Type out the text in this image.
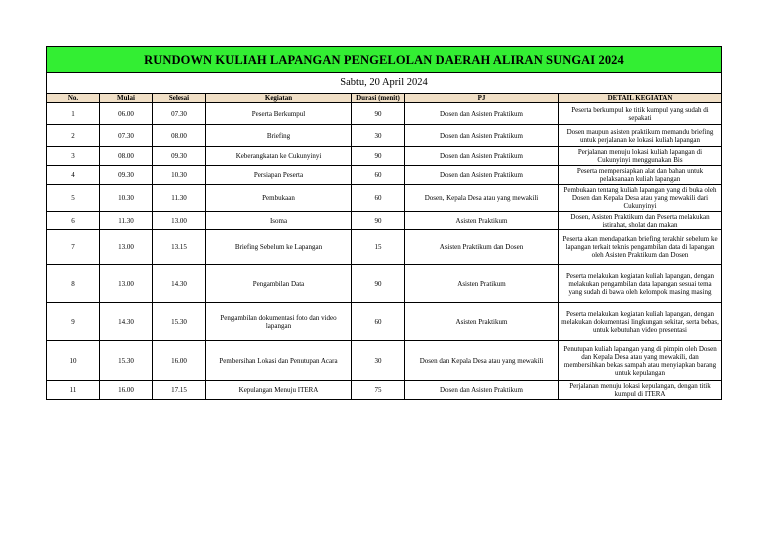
RUNDOWN KULIAH LAPANGAN PENGELOLAN DAERAH ALIRAN SUNGAI 2024						
Sabtu, 20 April 2024						
No.	Mulai	Selesai	Kegiatan	Durasi (menit)	PJ	DETAIL KEGIATAN
1	06.00	07.30	Peserta Berkumpul	90	Dosen dan Asisten Praktikum	Peserta berkumpul ke titik kumpul yang sudah di sepakati
2	07.30	08.00	Briefing	30	Dosen dan Asisten Praktikum	Dosen maupun asisten praktikum memandu briefing untuk perjalanan ke lokasi kuliah lapangan
3	08.00	09.30	Keberangkatan ke Cukunyinyi	90	Dosen dan Asisten Praktikum	Perjalanan menuju lokasi kuliah lapangan di Cukunyinyi menggunakan Bis
4	09.30	10.30	Persiapan Peserta	60	Dosen dan Asisten Praktikum	Peserta mempersiapkan alat dan bahan untuk pelaksanaan kuliah lapangan
5	10.30	11.30	Pembukaan	60	Dosen, Kepala Desa atau yang mewakili	Pembukaan tentang kuliah lapangan yang di buka oleh Dosen dan Kepala Desa atau yang mewakili dari Cukunyinyi
6	11.30	13.00	Isoma	90	Asisten Praktikum	Dosen, Asisten Praktikum dan Peserta melakukan istirahat, sholat dan makan
7	13.00	13.15	Briefing Sebelum ke Lapangan	15	Asisten Praktikum dan Dosen	Peserta akan mendapatkan briefing terakhir sebelum ke lapangan terkait teknis pengambilan data di lapangan oleh Asisten Praktikum dan Dosen
8	13.00	14.30	Pengambilan Data	90	Asisten Pratikum	Peserta melakukan kegiatan kuliah lapangan, dengan melakukan pengambilan data lapangan sesuai tema yang sudah di bawa oleh kelompok masing masing
9	14.30	15.30	Pengambilan dokumentasi foto dan video lapangan	60	Asisten Praktikum	Peserta melakukan kegiatan kuliah lapangan, dengan melakukan dokumentasi lingkungan sekitar, serta bebas, untuk kebutuhan video presentasi
10	15.30	16.00	Pembersihan Lokasi dan Penutupan Acara	30	Dosen dan Kepala Desa atau yang mewakili	Penutupan kuliah lapangan yang di pimpin oleh Dosen dan Kepala Desa atau yang mewakili, dan membersihkan bekas sampah atau menyiapkan barang untuk kepulangan
11	16.00	17.15	Kepulangan Menuju ITERA	75	Dosen dan Asisten Praktikum	Perjalanan menuju lokasi kepulangan, dengan titik kumpul di ITERA
